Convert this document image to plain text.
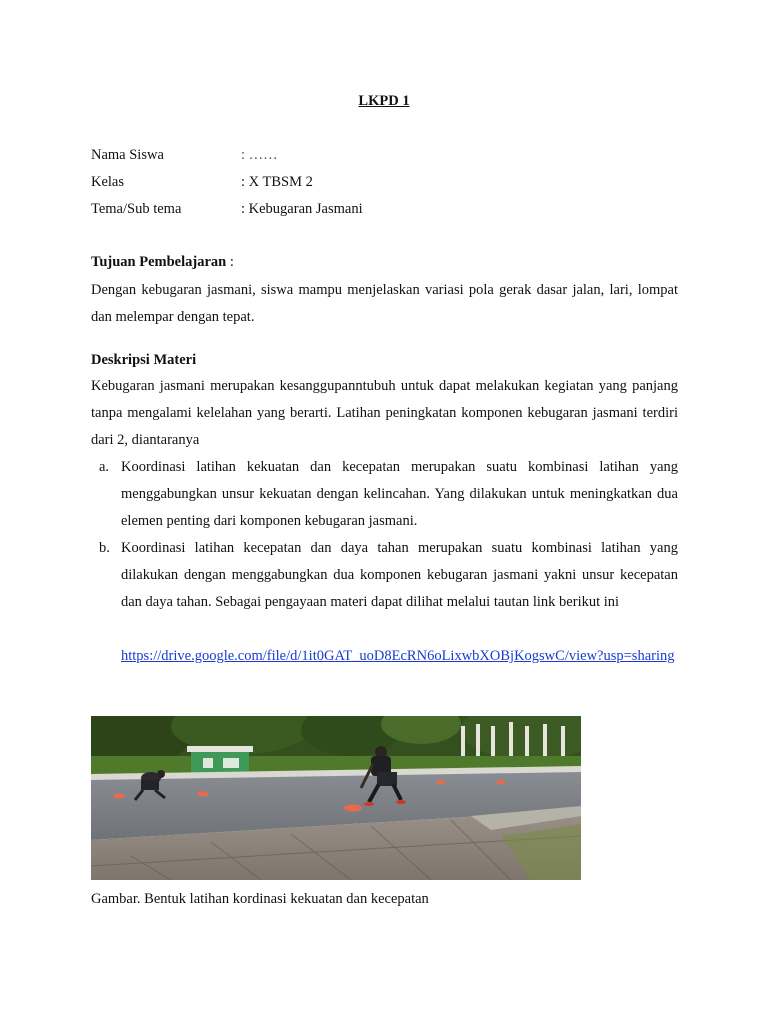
LKPD 1
Nama Siswa	: ……
Kelas	: X TBSM 2
Tema/Sub tema	: Kebugaran Jasmani
Tujuan Pembelajaran :
Dengan kebugaran jasmani, siswa mampu menjelaskan variasi pola gerak dasar jalan, lari, lompat dan melempar dengan tepat.
Deskripsi Materi
Kebugaran jasmani merupakan kesanggupanntubuh untuk dapat melakukan kegiatan yang panjang tanpa mengalami kelelahan yang berarti. Latihan peningkatan komponen kebugaran jasmani terdiri dari 2, diantaranya
a. Koordinasi latihan kekuatan dan kecepatan merupakan suatu kombinasi latihan yang menggabungkan unsur kekuatan dengan kelincahan. Yang dilakukan untuk meningkatkan dua elemen penting dari komponen kebugaran jasmani.
b. Koordinasi latihan kecepatan dan daya tahan merupakan suatu kombinasi latihan yang dilakukan dengan menggabungkan dua komponen kebugaran jasmani yakni unsur kecepatan dan daya tahan. Sebagai pengayaan materi dapat dilihat melalui tautan link berikut ini
https://drive.google.com/file/d/1it0GAT_uoD8EcRN6oLixwbXOBjKogswC/view?usp=sharing
Gambar. Bentuk latihan kordinasi kekuatan dan kecepatan
